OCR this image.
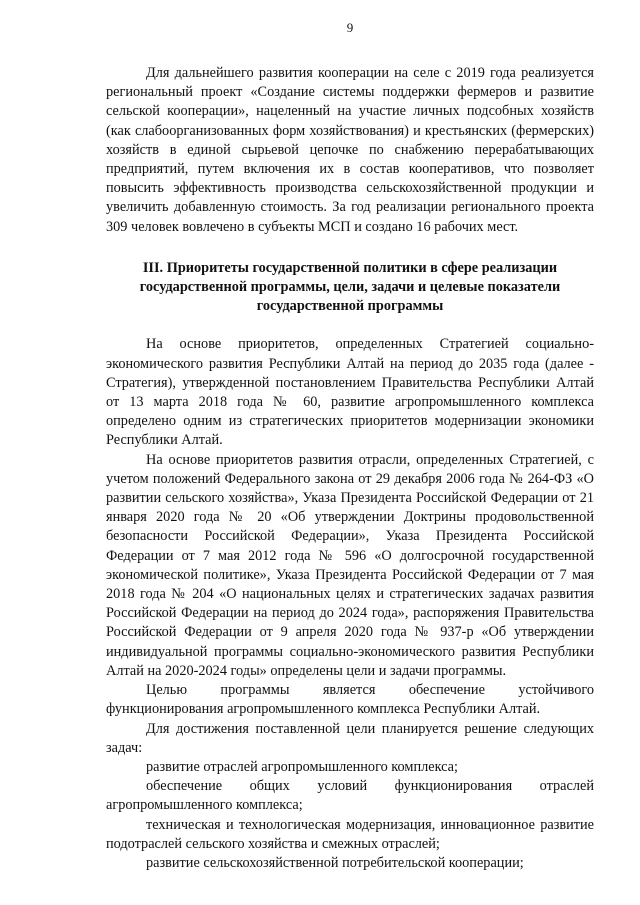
9

Для дальнейшего развития кооперации на селе с 2019 года реализуется региональный проект «Создание системы поддержки фермеров и развитие сельской кооперации», нацеленный на участие личных подсобных хозяйств (как слабоорганизованных форм хозяйствования) и крестьянских (фермерских) хозяйств в единой сырьевой цепочке по снабжению перерабатывающих предприятий, путем включения их в состав кооперативов, что позволяет повысить эффективность производства сельскохозяйственной продукции и увеличить добавленную стоимость. За год реализации регионального проекта 309 человек вовлечено в субъекты МСП и создано 16 рабочих мест.

III. Приоритеты государственной политики в сфере реализации государственной программы, цели, задачи и целевые показатели государственной программы

На основе приоритетов, определенных Стратегией социально-экономического развития Республики Алтай на период до 2035 года (далее - Стратегия), утвержденной постановлением Правительства Республики Алтай от 13 марта 2018 года № 60, развитие агропромышленного комплекса определено одним из стратегических приоритетов модернизации экономики Республики Алтай.

На основе приоритетов развития отрасли, определенных Стратегией, с учетом положений Федерального закона от 29 декабря 2006 года № 264-ФЗ «О развитии сельского хозяйства», Указа Президента Российской Федерации от 21 января 2020 года № 20 «Об утверждении Доктрины продовольственной безопасности Российской Федерации», Указа Президента Российской Федерации от 7 мая 2012 года № 596 «О долгосрочной государственной экономической политике», Указа Президента Российской Федерации от 7 мая 2018 года № 204 «О национальных целях и стратегических задачах развития Российской Федерации на период до 2024 года», распоряжения Правительства Российской Федерации от 9 апреля 2020 года № 937-р «Об утверждении индивидуальной программы социально-экономического развития Республики Алтай на 2020-2024 годы» определены цели и задачи программы.

Целью программы является обеспечение устойчивого функционирования агропромышленного комплекса Республики Алтай.

Для достижения поставленной цели планируется решение следующих задач:

развитие отраслей агропромышленного комплекса;

обеспечение общих условий функционирования отраслей агропромышленного комплекса;

техническая и технологическая модернизация, инновационное развитие подотраслей сельского хозяйства и смежных отраслей;

развитие сельскохозяйственной потребительской кооперации;
